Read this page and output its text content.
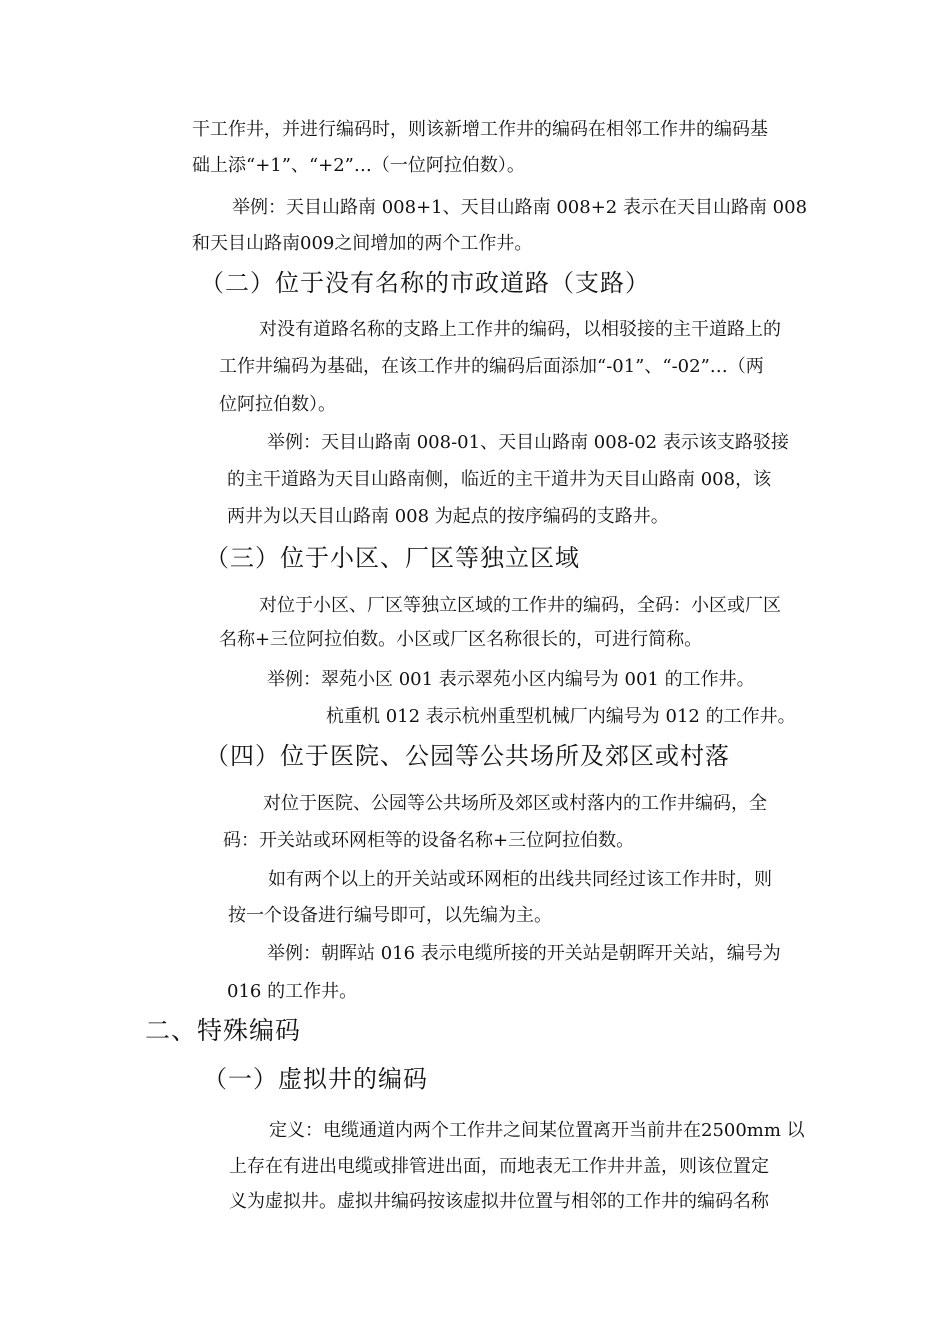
干工作井，并进行编码时，则该新增工作井的编码在相邻工作井的编码基
础上添“+1”、“+2”…（一位阿拉伯数）。
举例：天目山路南 008+1、天目山路南 008+2 表示在天目山路南 008
和天目山路南009之间增加的两个工作井。
（二）位于没有名称的市政道路（支路）
对没有道路名称的支路上工作井的编码，以相驳接的主干道路上的
工作井编码为基础，在该工作井的编码后面添加“-01”、“-02”…（两
位阿拉伯数）。
举例：天目山路南 008-01、天目山路南 008-02 表示该支路驳接
的主干道路为天目山路南侧，临近的主干道井为天目山路南 008，该
两井为以天目山路南 008 为起点的按序编码的支路井。
（三）位于小区、厂区等独立区域
对位于小区、厂区等独立区域的工作井的编码，全码：小区或厂区
名称+三位阿拉伯数。小区或厂区名称很长的，可进行简称。
举例：翠苑小区 001 表示翠苑小区内编号为 001 的工作井。
杭重机 012 表示杭州重型机械厂内编号为 012 的工作井。
（四）位于医院、公园等公共场所及郊区或村落
对位于医院、公园等公共场所及郊区或村落内的工作井编码，全
码：开关站或环网柜等的设备名称+三位阿拉伯数。
如有两个以上的开关站或环网柜的出线共同经过该工作井时，则
按一个设备进行编号即可，以先编为主。
举例：朝晖站 016 表示电缆所接的开关站是朝晖开关站，编号为
016 的工作井。
二、特殊编码
（一）虚拟井的编码
定义：电缆通道内两个工作井之间某位置离开当前井在2500mm 以
上存在有进出电缆或排管进出面，而地表无工作井井盖，则该位置定
义为虚拟井。虚拟井编码按该虚拟井位置与相邻的工作井的编码名称
